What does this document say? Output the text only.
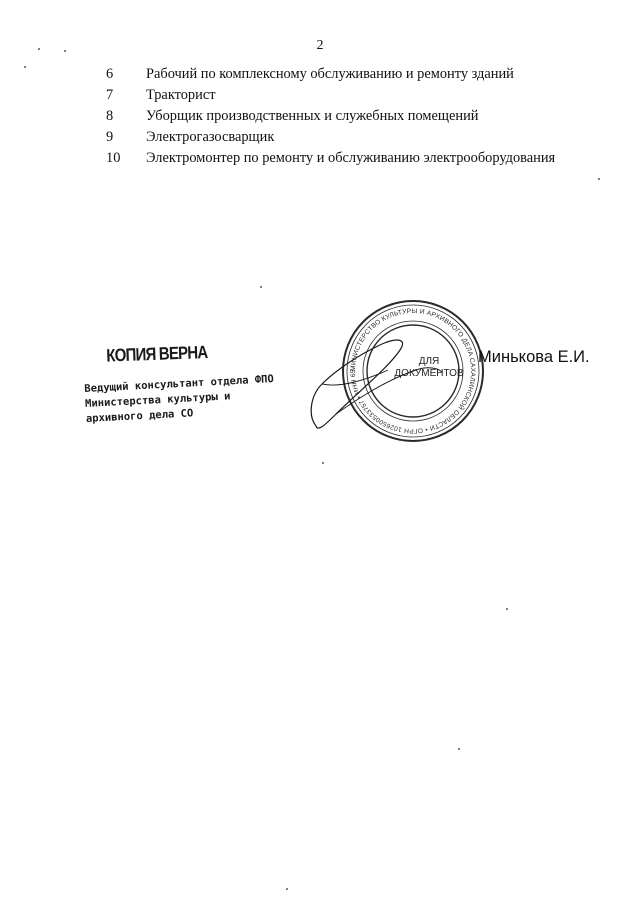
2
6	Рабочий по комплексному обслуживанию и ремонту зданий
7	Тракторист
8	Уборщик производственных и служебных помещений
9	Электрогазосварщик
10	Электромонтер по ремонту и обслуживанию электрооборудования
КОПИЯ ВЕРНА
Ведущий консультант отдела ФПО
Министерства культуры и
архивного дела СО
МИНИСТЕРСТВО КУЛЬТУРЫ И АРХИВНОГО ДЕЛА САХАЛИНСКОЙ ОБЛАСТИ • ОГРН 1026500533757 • ИНН 65
ДЛЯ
ДОКУМЕНТОВ
Минькова Е.И.
